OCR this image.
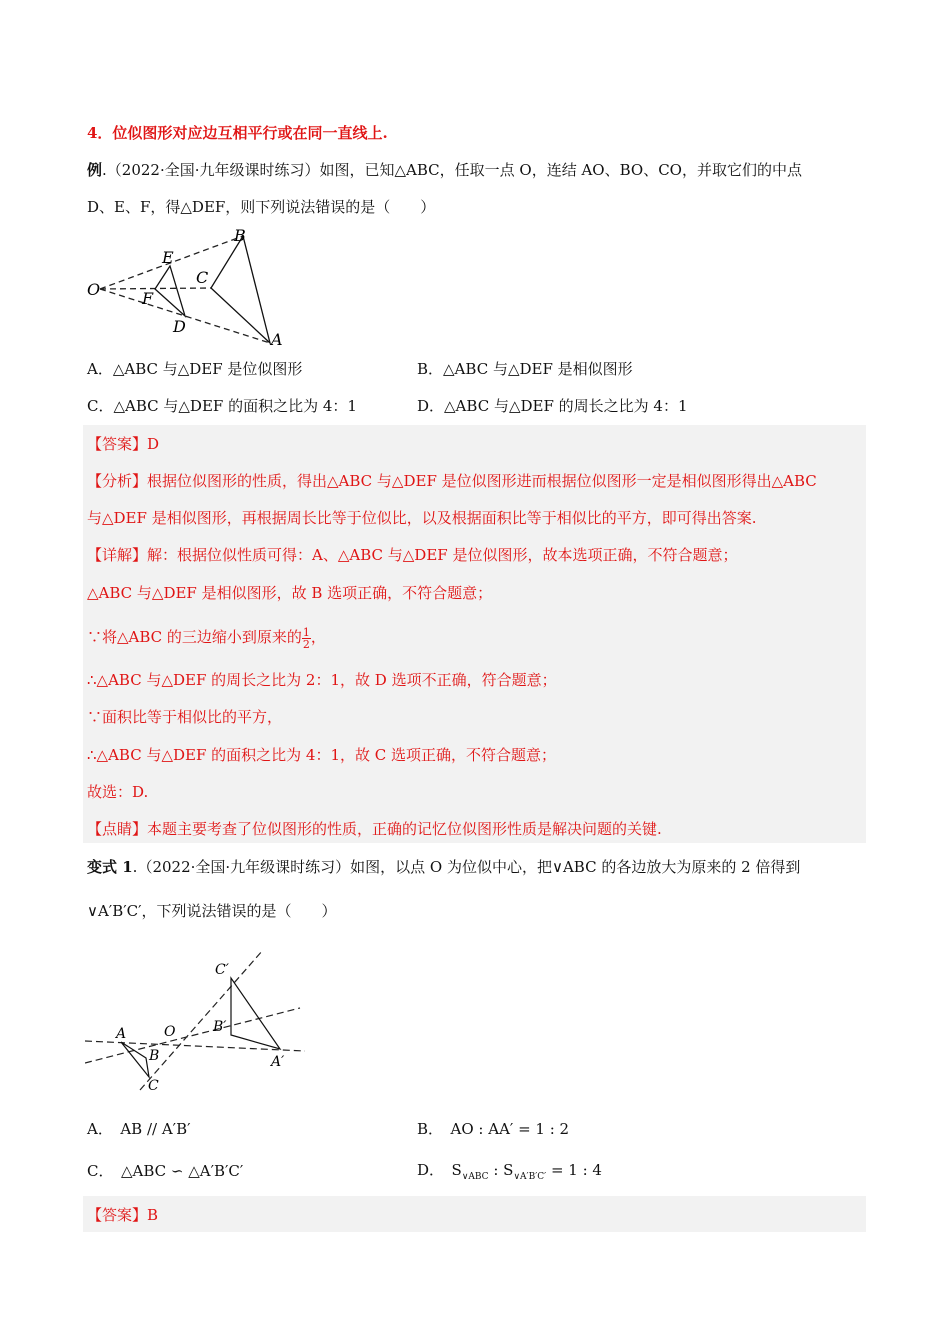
4．位似图形对应边互相平行或在同一直线上.
例.（2022·全国·九年级课时练习）如图，已知△ABC，任取一点 O，连结 AO、BO、CO，并取它们的中点
D、E、F，得△DEF，则下列说法错误的是（　　）
O
E
F
D
C
B
A
A．△ABC 与△DEF 是位似图形	B．△ABC 与△DEF 是相似图形
C．△ABC 与△DEF 的面积之比为 4：1	D．△ABC 与△DEF 的周长之比为 4：1
【答案】D
【分析】根据位似图形的性质，得出△ABC 与△DEF 是位似图形进而根据位似图形一定是相似图形得出△ABC
与△DEF 是相似图形，再根据周长比等于位似比，以及根据面积比等于相似比的平方，即可得出答案.
【详解】解：根据位似性质可得：A、△ABC 与△DEF 是位似图形，故本选项正确，不符合题意；
△ABC 与△DEF 是相似图形，故 B 选项正确，不符合题意；
∵将△ABC 的三边缩小到原来的 $\frac{1}{2}$ ，
∴△ABC 与△DEF 的周长之比为 2：1，故 D 选项不正确，符合题意；
∵面积比等于相似比的平方，
∴△ABC 与△DEF 的面积之比为 4：1，故 C 选项正确，不符合题意；
故选：D.
【点睛】本题主要考查了位似图形的性质，正确的记忆位似图形性质是解决问题的关键.
变式 1.（2022·全国·九年级课时练习）如图，以点 O 为位似中心，把∨ABC 的各边放大为原来的 2 倍得到
∨A′B′C′，下列说法错误的是（　　）
A
B
C
O
A′
B′
C′
A．　AB // A′B′	B．　AO : AA′ = 1 : 2
C．　△ABC ∽ △A′B′C′	D．　$S_{\vee ABC}$ : $S_{\vee A'B'C'} = 1$ : 4
【答案】B
